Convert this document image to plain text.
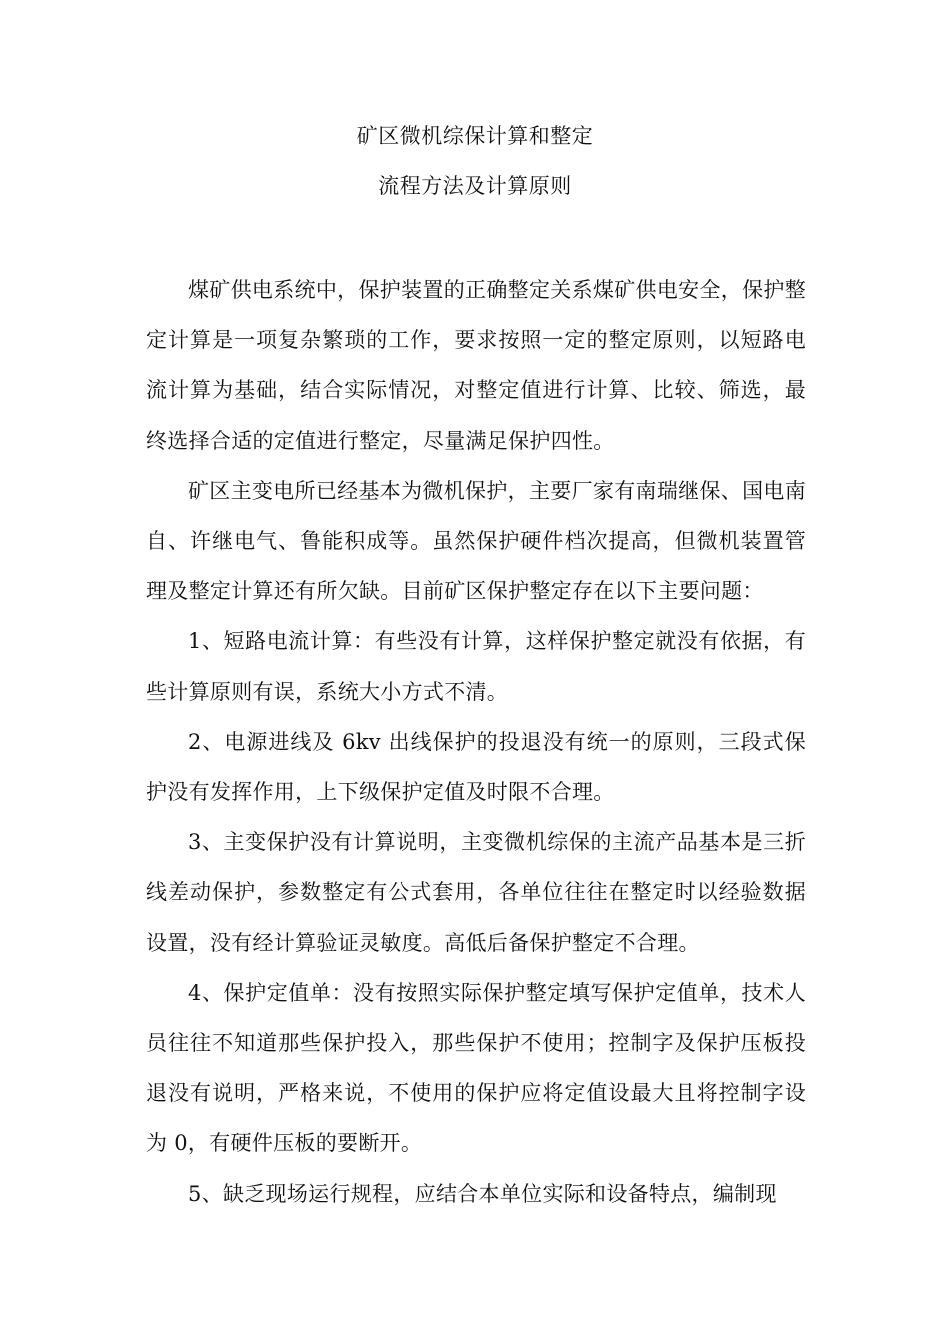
矿区微机综保计算和整定
流程方法及计算原则

煤矿供电系统中，保护装置的正确整定关系煤矿供电安全，保护整定计算是一项复杂繁琐的工作，要求按照一定的整定原则，以短路电流计算为基础，结合实际情况，对整定值进行计算、比较、筛选，最终选择合适的定值进行整定，尽量满足保护四性。

矿区主变电所已经基本为微机保护，主要厂家有南瑞继保、国电南自、许继电气、鲁能积成等。虽然保护硬件档次提高，但微机装置管理及整定计算还有所欠缺。目前矿区保护整定存在以下主要问题：

1、短路电流计算：有些没有计算，这样保护整定就没有依据，有些计算原则有误，系统大小方式不清。

2、电源进线及 6kv 出线保护的投退没有统一的原则，三段式保护没有发挥作用，上下级保护定值及时限不合理。

3、主变保护没有计算说明，主变微机综保的主流产品基本是三折线差动保护，参数整定有公式套用，各单位往往在整定时以经验数据设置，没有经计算验证灵敏度。高低后备保护整定不合理。

4、保护定值单：没有按照实际保护整定填写保护定值单，技术人员往往不知道那些保护投入，那些保护不使用；控制字及保护压板投退没有说明，严格来说，不使用的保护应将定值设最大且将控制字设为 0，有硬件压板的要断开。

5、缺乏现场运行规程，应结合本单位实际和设备特点，编制现
